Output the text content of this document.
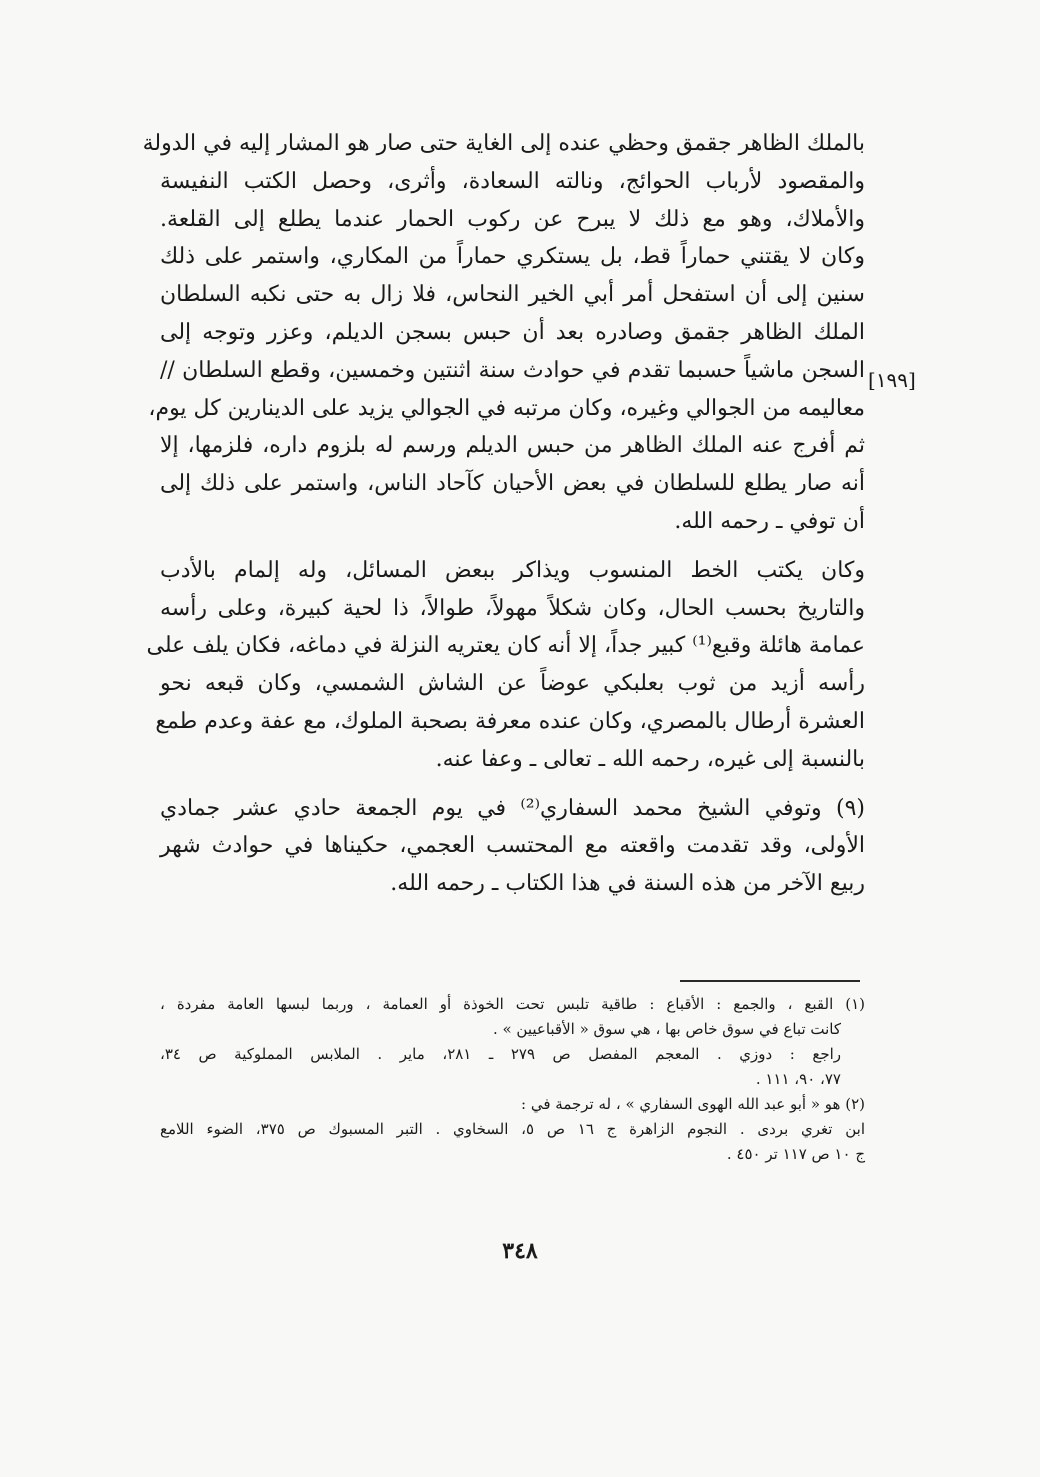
بالملك الظاهر جقمق وحظي عنده إلى الغاية حتى صار هو المشار إليه في الدولة
والمقصود لأرباب الحوائج، ونالته السعادة، وأثرى، وحصل الكتب النفيسة
والأملاك، وهو مع ذلك لا يبرح عن ركوب الحمار عندما يطلع إلى القلعة.
وكان لا يقتني حماراً قط، بل يستكري حماراً من المكاري، واستمر على ذلك
سنين إلى أن استفحل أمر أبي الخير النحاس، فلا زال به حتى نكبه السلطان
الملك الظاهر جقمق وصادره بعد أن حبس بسجن الديلم، وعزر وتوجه إلى
السجن ماشياً حسبما تقدم في حوادث سنة اثنتين وخمسين، وقطع السلطان //
معاليمه من الجوالي وغيره، وكان مرتبه في الجوالي يزيد على الدينارين كل يوم،
ثم أفرج عنه الملك الظاهر من حبس الديلم ورسم له بلزوم داره، فلزمها، إلا
أنه صار يطلع للسلطان في بعض الأحيان كآحاد الناس، واستمر على ذلك إلى
أن توفي ـ رحمه الله.
وكان يكتب الخط المنسوب ويذاكر ببعض المسائل، وله إلمام بالأدب
والتاريخ بحسب الحال، وكان شكلاً مهولاً، طوالاً، ذا لحية كبيرة، وعلى رأسه
عمامة هائلة وقبع⁽¹⁾ كبير جداً، إلا أنه كان يعتريه النزلة في دماغه، فكان يلف على
رأسه أزيد من ثوب بعلبكي عوضاً عن الشاش الشمسي، وكان قبعه نحو
العشرة أرطال بالمصري، وكان عنده معرفة بصحبة الملوك، مع عفة وعدم طمع
بالنسبة إلى غيره، رحمه الله ـ تعالى ـ وعفا عنه.
(٩) وتوفي الشيخ محمد السفاري⁽²⁾ في يوم الجمعة حادي عشر جمادي
الأولى، وقد تقدمت واقعته مع المحتسب العجمي، حكيناها في حوادث شهر
ربيع الآخر من هذه السنة في هذا الكتاب ـ رحمه الله.
[١٩٩]
(١) القبع ، والجمع : الأقباع : طاقية تلبس تحت الخوذة أو العمامة ، وربما لبسها العامة مفردة ،
كانت تباع في سوق خاص بها ، هي سوق « الأقباعيين » .
راجع : دوزي . المعجم المفصل ص ٢٧٩ ـ ٢٨١، ماير . الملابس المملوكية ص ٣٤،
٧٧، ٩٠، ١١١ .
(٢) هو « أبو عبد الله الهوى السفاري » ، له ترجمة في :
ابن تغري بردى . النجوم الزاهرة ج ١٦ ص ٥، السخاوي . التبر المسبوك ص ٣٧٥، الضوء اللامع
ج ١٠ ص ١١٧ تر ٤٥٠ .
٣٤٨
